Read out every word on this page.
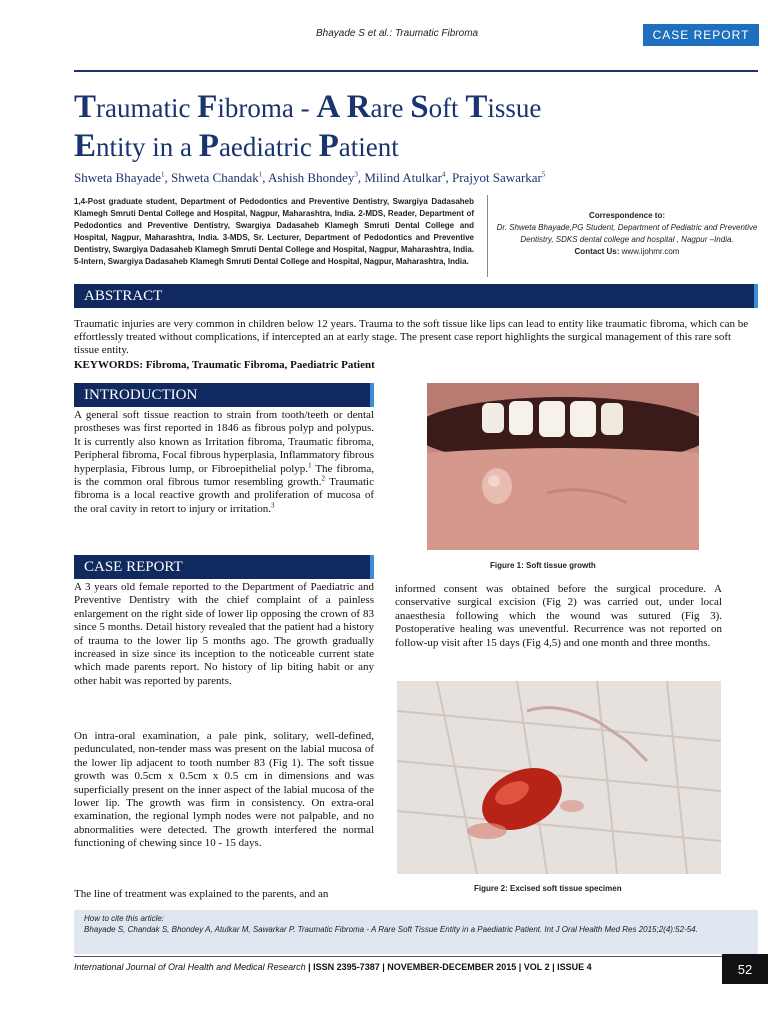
Bhayade S et al.: Traumatic Fibroma	CASE REPORT
Traumatic Fibroma - A Rare Soft Tissue
Entity in a Paediatric Patient
Shweta Bhayade$^1$, Shweta Chandak$^1$, Ashish Bhondey$^3$, Milind Atulkar$^4$, Prajyot Sawarkar$^5$
1,4-Post graduate student, Department of Pedodontics and Preventive Dentistry, Swargiya Dadasaheb Klamegh Smruti Dental College and Hospital, Nagpur, Maharashtra, India. 2-MDS, Reader, Department of Pedodontics and Preventive Dentistry, Swargiya Dadasaheb Klamegh Smruti Dental College and Hospital, Nagpur, Maharashtra, India. 3-MDS, Sr. Lecturer, Department of Pedodontics and Preventive Dentistry, Swargiya Dadasaheb Klamegh Smruti Dental College and Hospital, Nagpur, Maharashtra, India. 5-Intern, Swargiya Dadasaheb Klamegh Smruti Dental College and Hospital, Nagpur, Maharashtra, India.
Correspondence to:
Dr. Shweta Bhayade,PG Student, Department of Pediatric and Preventive Dentistry, SDKS dental college and hospital , Nagpur –India.
Contact Us: www.ijohmr.com
ABSTRACT
Traumatic injuries are very common in children below 12 years. Trauma to the soft tissue like lips can lead to entity like traumatic fibroma, which can be effortlessly treated without complications, if intercepted an at early stage. The present case report highlights the surgical management of this rare soft tissue entity.
KEYWORDS: Fibroma, Traumatic Fibroma, Paediatric Patient
INTRODUCTION
A general soft tissue reaction to strain from tooth/teeth or dental prostheses was first reported in 1846 as fibrous polyp and polypus. It is currently also known as Irritation fibroma, Traumatic fibroma, Peripheral fibroma, Focal fibrous hyperplasia, Inflammatory fibrous hyperplasia, Fibrous lump, or Fibroepithelial polyp.$^1$ The fibroma, is the common oral fibrous tumor resembling growth.$^2$ Traumatic fibroma is a local reactive growth and proliferation of mucosa of the oral cavity in retort to injury or irritation.$^3$
CASE REPORT
A 3 years old female reported to the Department of Paediatric and Preventive Dentistry with the chief complaint of a painless enlargement on the right side of lower lip opposing the crown of 83 since 5 months. Detail history revealed that the patient had a history of trauma to the lower lip 5 months ago. The growth gradually increased in size since its inception to the noticeable current state which made parents report. No history of lip biting habit or any other habit was reported by parents.
On intra-oral examination, a pale pink, solitary, well-defined, pedunculated, non-tender mass was present on the labial mucosa of the lower lip adjacent to tooth number 83 (Fig 1). The soft tissue growth was 0.5cm x 0.5cm x 0.5 cm in dimensions and was superficially present on the inner aspect of the labial mucosa of the lower lip. The growth was firm in consistency. On extra-oral examination, the regional lymph nodes were not palpable, and no abnormalities were detected. The growth interfered the normal functioning of chewing since 10 - 15 days.
The line of treatment was explained to the parents, and an
informed consent was obtained before the surgical procedure. A conservative surgical excision (Fig 2) was carried out, under local anaesthesia following which the wound was sutured (Fig 3). Postoperative healing was uneventful. Recurrence was not reported on follow-up visit after 15 days (Fig 4,5) and one month and three months.
Figure 1: Soft tissue growth
Figure 2: Excised soft tissue specimen
How to cite this article:
Bhayade S, Chandak S, Bhondey A, Atulkar M, Sawarkar P. Traumatic Fibroma - A Rare Soft Tissue Entity in a Paediatric Patient. Int J Oral Health Med Res 2015;2(4):52-54.
International Journal of Oral Health and Medical Research | ISSN 2395-7387 | NOVEMBER-DECEMBER 2015 | VOL 2 | ISSUE 4	52
